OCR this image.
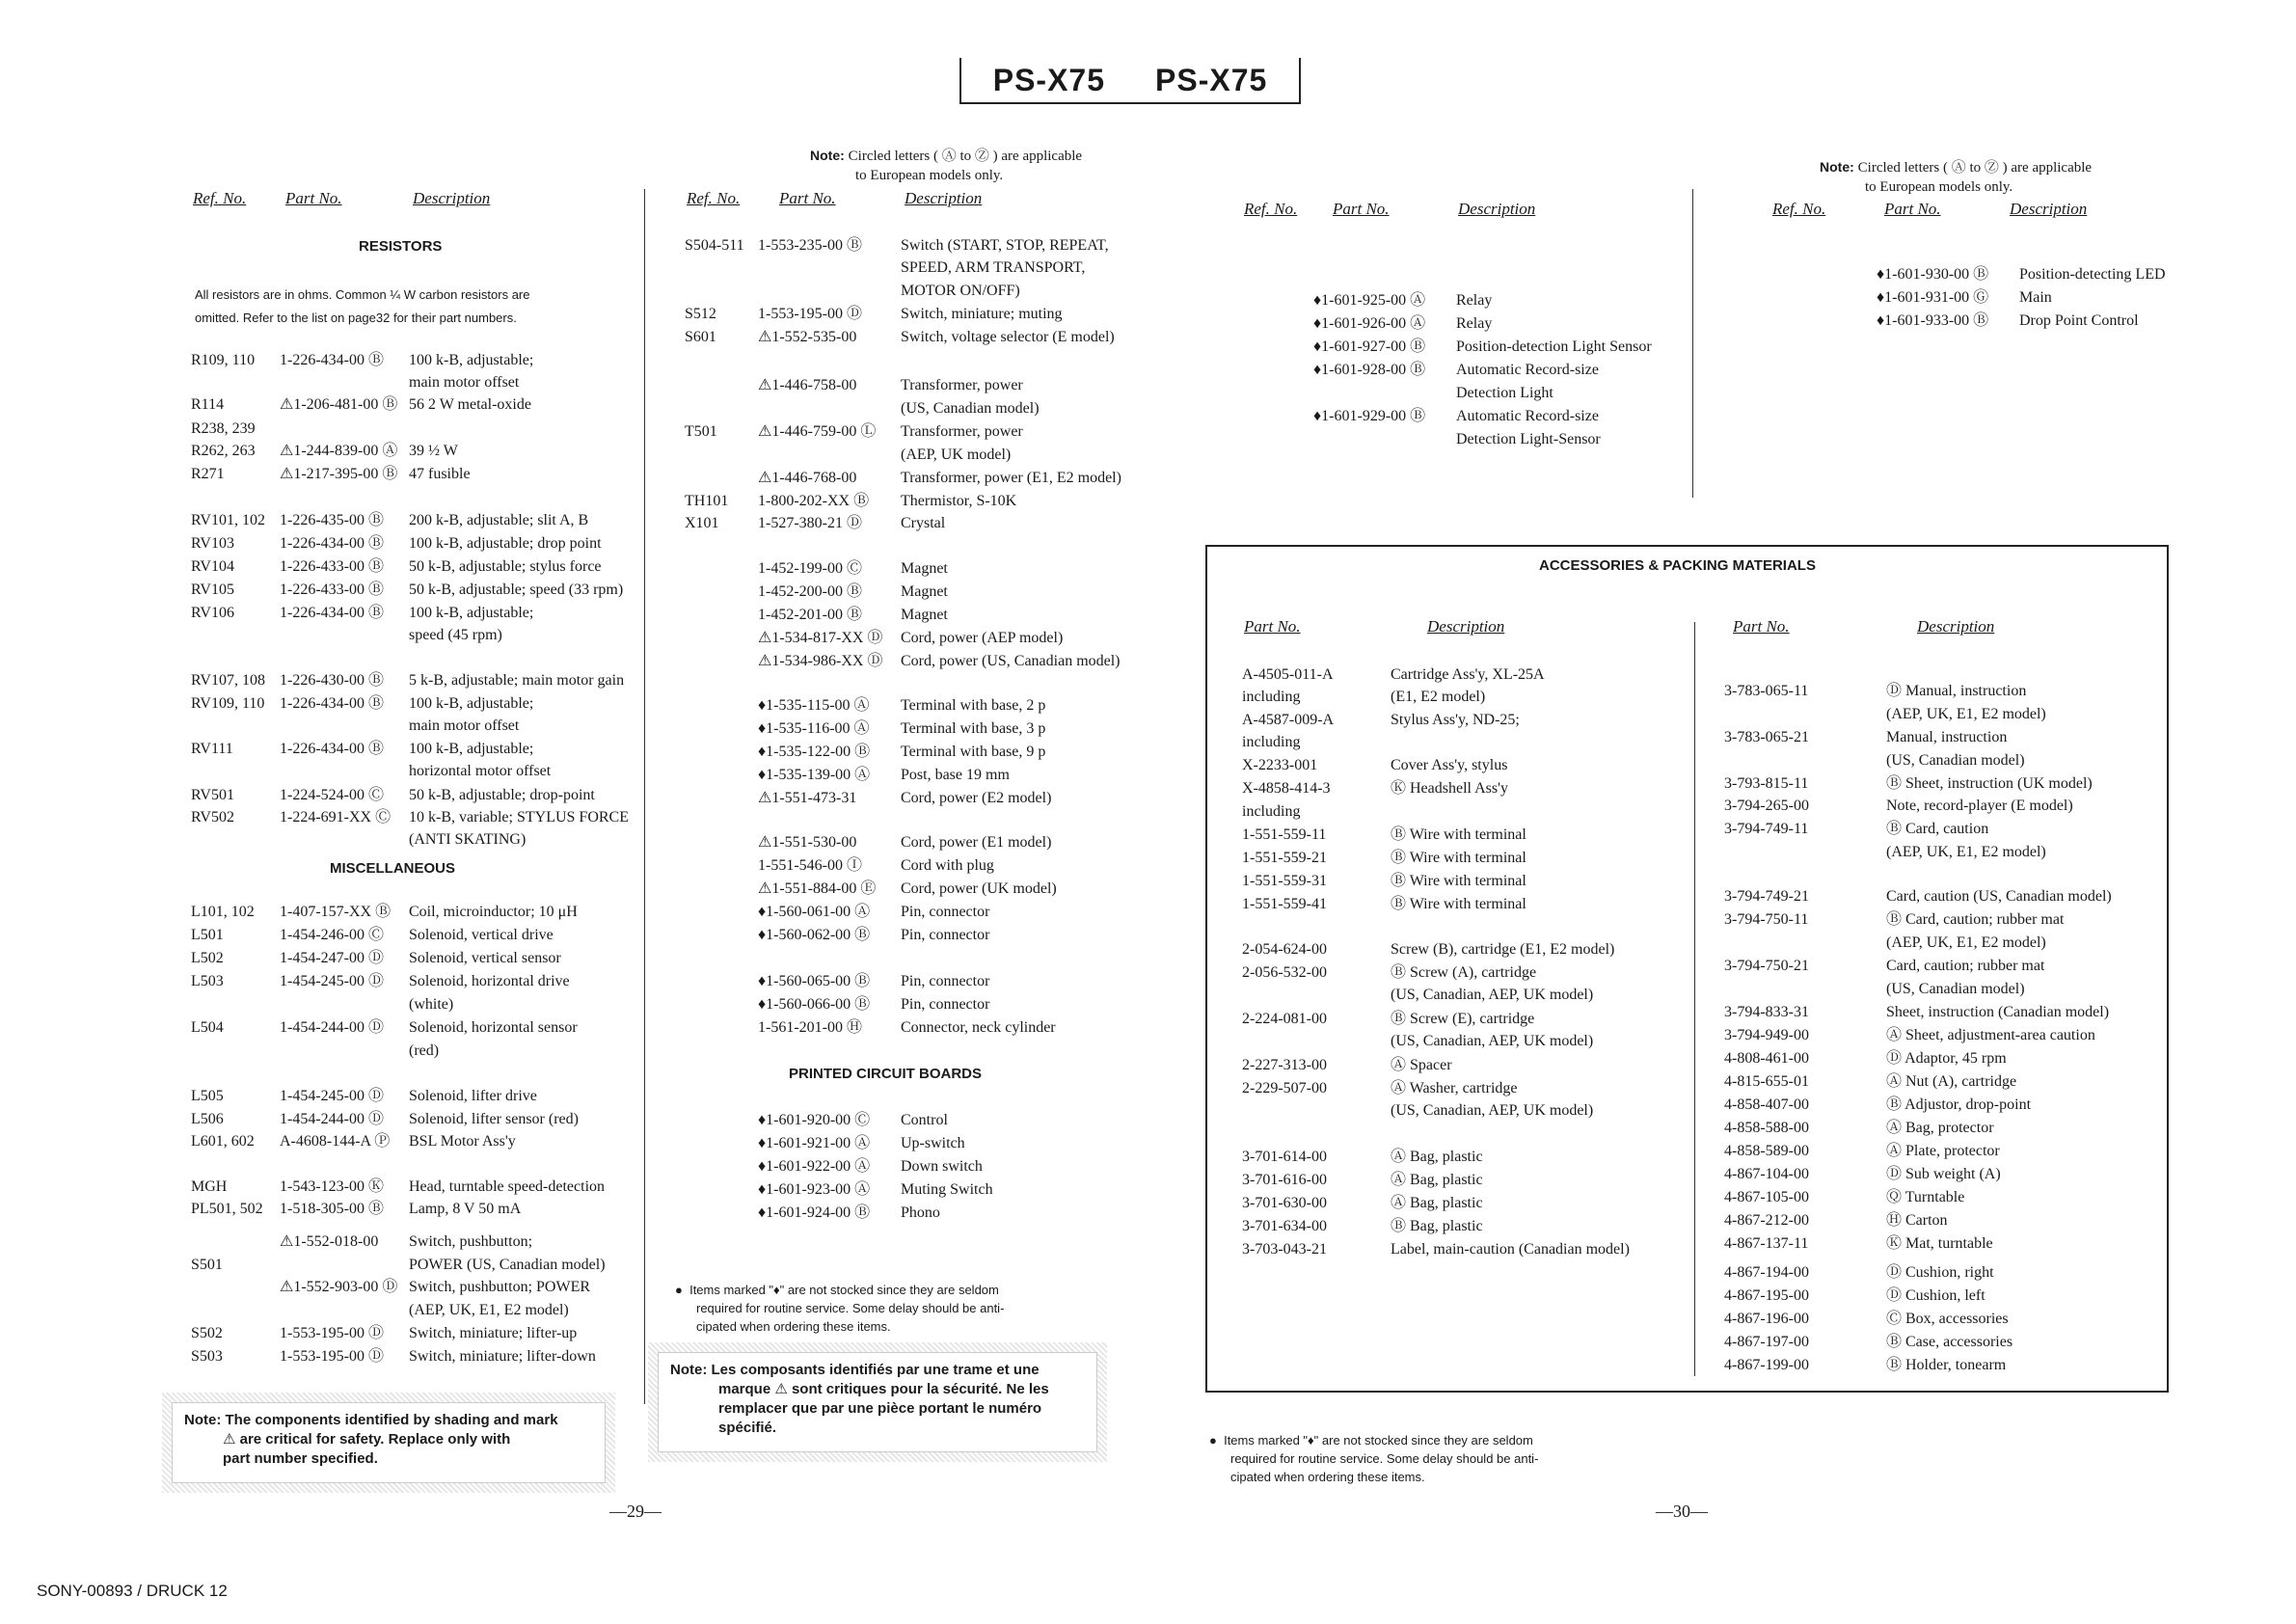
PS-X75 PS-X75
Note: Circled letters ( Ⓐ to Ⓩ ) are applicable
to European models only.
Note: Circled letters ( Ⓐ to Ⓩ ) are applicable
to European models only.
Ref. No. Part No.	Description	Ref. No. Part No.	Description
Ref. No. Part No.	Description	Ref. No.	Part No.	Description
RESISTORS
All resistors are in ohms. Common ¼ W carbon resistors are
omitted. Refer to the list on page32 for their part numbers.
MISCELLANEOUS
R109, 110 1-226-434-00 Ⓑ 100 k-B, adjustable;
main motor offset
R114	⚠1-206-481-00 Ⓑ 56 2 W metal-oxide
R238, 239
R262, 263 ⚠1-244-839-00 Ⓐ 39 ½ W
R271	⚠1-217-395-00 Ⓑ 47 fusible
RV101, 102 1-226-435-00 Ⓑ 200 k-B, adjustable; slit A, B
RV103	1-226-434-00 Ⓑ 100 k-B, adjustable; drop point
RV104	1-226-433-00 Ⓑ 50 k-B, adjustable; stylus force
RV105	1-226-433-00 Ⓑ 50 k-B, adjustable; speed (33 rpm)
RV106	1-226-434-00 Ⓑ 100 k-B, adjustable;
speed (45 rpm)
RV107, 108 1-226-430-00 Ⓑ 5 k-B, adjustable; main motor gain
RV109, 110 1-226-434-00 Ⓑ 100 k-B, adjustable;
main motor offset
RV111	1-226-434-00 Ⓑ 100 k-B, adjustable;
horizontal motor offset
RV501	1-224-524-00 Ⓒ 50 k-B, adjustable; drop-point
RV502	1-224-691-XX Ⓒ 10 k-B, variable; STYLUS FORCE
(ANTI SKATING)
L101, 102 1-407-157-XX Ⓑ Coil, microinductor; 10 μH
L501	1-454-246-00 Ⓒ Solenoid, vertical drive
L502	1-454-247-00 Ⓓ Solenoid, vertical sensor
L503	1-454-245-00 Ⓓ Solenoid, horizontal drive
(white)
L504	1-454-244-00 Ⓓ Solenoid, horizontal sensor
(red)
L505	1-454-245-00 Ⓓ Solenoid, lifter drive
L506	1-454-244-00 Ⓓ Solenoid, lifter sensor (red)
L601, 602 A-4608-144-A Ⓟ BSL Motor Ass'y
MGH	1-543-123-00 Ⓚ Head, turntable speed-detection
PL501, 502 1-518-305-00 Ⓑ Lamp, 8 V 50 mA
⚠1-552-018-00 Switch, pushbutton;
S501	POWER (US, Canadian model)
⚠1-552-903-00 Ⓓ Switch, pushbutton; POWER
(AEP, UK, E1, E2 model)
S502	1-553-195-00 Ⓓ Switch, miniature; lifter-up
S503	1-553-195-00 Ⓓ Switch, miniature; lifter-down
PRINTED CIRCUIT BOARDS
S504-511 1-553-235-00 Ⓑ	Switch (START, STOP, REPEAT,
SPEED, ARM TRANSPORT,
MOTOR ON/OFF)
S512	1-553-195-00 Ⓓ	Switch, miniature; muting
S601	⚠1-552-535-00	Switch, voltage selector (E model)
⚠1-446-758-00	Transformer, power
(US, Canadian model)
T501	⚠1-446-759-00 Ⓛ Transformer, power
(AEP, UK model)
⚠1-446-768-00	Transformer, power (E1, E2 model)
TH101 1-800-202-XX Ⓑ Thermistor, S-10K
X101	1-527-380-21 Ⓓ	Crystal
1-452-199-00 Ⓒ	Magnet
1-452-200-00 Ⓑ	Magnet
1-452-201-00 Ⓑ	Magnet
⚠1-534-817-XX Ⓓ Cord, power (AEP model)
⚠1-534-986-XX Ⓓ Cord, power (US, Canadian model)
♦1-535-115-00 Ⓐ Terminal with base, 2 p
♦1-535-116-00 Ⓐ Terminal with base, 3 p
♦1-535-122-00 Ⓑ Terminal with base, 9 p
♦1-535-139-00 Ⓐ Post, base 19 mm
⚠1-551-473-31	Cord, power (E2 model)
⚠1-551-530-00	Cord, power (E1 model)
1-551-546-00 Ⓘ	Cord with plug
⚠1-551-884-00 Ⓔ Cord, power (UK model)
♦1-560-061-00 Ⓐ Pin, connector
♦1-560-062-00 Ⓑ Pin, connector
♦1-560-065-00 Ⓑ Pin, connector
♦1-560-066-00 Ⓑ Pin, connector
1-561-201-00 Ⓗ	Connector, neck cylinder
♦1-601-920-00 Ⓒ Control
♦1-601-921-00 Ⓐ Up-switch
♦1-601-922-00 Ⓐ Down switch
♦1-601-923-00 Ⓐ Muting Switch
♦1-601-924-00 Ⓑ Phono
♦1-601-925-00 Ⓐ Relay
♦1-601-926-00 Ⓐ Relay
♦1-601-927-00 Ⓑ Position-detection Light Sensor
♦1-601-928-00 Ⓑ Automatic Record-size
Detection Light
♦1-601-929-00 Ⓑ Automatic Record-size
Detection Light-Sensor
♦1-601-930-00 Ⓑ Position-detecting LED
♦1-601-931-00 Ⓖ Main
♦1-601-933-00 Ⓑ Drop Point Control
ACCESSORIES & PACKING MATERIALS
Part No.	Description	Part No.	Description
A-4505-011-A	Cartridge Ass'y, XL-25A
including	(E1, E2 model)
A-4587-009-A	Stylus Ass'y, ND-25;
including
X-2233-001	Cover Ass'y, stylus
X-4858-414-3	Ⓚ Headshell Ass'y
including
1-551-559-11	Ⓑ Wire with terminal
1-551-559-21	Ⓑ Wire with terminal
1-551-559-31	Ⓑ Wire with terminal
1-551-559-41	Ⓑ Wire with terminal
2-054-624-00	Screw (B), cartridge (E1, E2 model)
2-056-532-00	Ⓑ Screw (A), cartridge
(US, Canadian, AEP, UK model)
2-224-081-00	Ⓑ Screw (E), cartridge
(US, Canadian, AEP, UK model)
2-227-313-00	Ⓐ Spacer
2-229-507-00	Ⓐ Washer, cartridge
(US, Canadian, AEP, UK model)
3-701-614-00	Ⓐ Bag, plastic
3-701-616-00	Ⓐ Bag, plastic
3-701-630-00	Ⓐ Bag, plastic
3-701-634-00	Ⓑ Bag, plastic
3-703-043-21	Label, main-caution (Canadian model)
3-783-065-11	Ⓓ Manual, instruction
(AEP, UK, E1, E2 model)
3-783-065-21	Manual, instruction
(US, Canadian model)
3-793-815-11	Ⓑ Sheet, instruction (UK model)
3-794-265-00	Note, record-player (E model)
3-794-749-11	Ⓑ Card, caution
(AEP, UK, E1, E2 model)
3-794-749-21	Card, caution (US, Canadian model)
3-794-750-11	Ⓑ Card, caution; rubber mat
(AEP, UK, E1, E2 model)
3-794-750-21	Card, caution; rubber mat
(US, Canadian model)
3-794-833-31	Sheet, instruction (Canadian model)
3-794-949-00	Ⓐ Sheet, adjustment-area caution
4-808-461-00	Ⓓ Adaptor, 45 rpm
4-815-655-01	Ⓐ Nut (A), cartridge
4-858-407-00	Ⓑ Adjustor, drop-point
4-858-588-00	Ⓐ Bag, protector
4-858-589-00	Ⓐ Plate, protector
4-867-104-00	Ⓓ Sub weight (A)
4-867-105-00	Ⓠ Turntable
4-867-212-00	Ⓗ Carton
4-867-137-11	Ⓚ Mat, turntable
4-867-194-00	Ⓓ Cushion, right
4-867-195-00	Ⓓ Cushion, left
4-867-196-00	Ⓒ Box, accessories
4-867-197-00	Ⓑ Case, accessories
4-867-199-00	Ⓑ Holder, tonearm
●  Items marked "♦" are not stocked since they are seldom
required for routine service. Some delay should be anti-
cipated when ordering these items.
●  Items marked "♦" are not stocked since they are seldom
required for routine service. Some delay should be anti-
cipated when ordering these items.
Note: The components identified by shading and mark
⚠ are critical for safety. Replace only with
part number specified.
Note: Les composants identifiés par une trame et une
marque ⚠ sont critiques pour la sécurité. Ne les
remplacer que par une pièce portant le numéro
spécifié.
—29—	—30—
SONY-00893 / DRUCK 12
